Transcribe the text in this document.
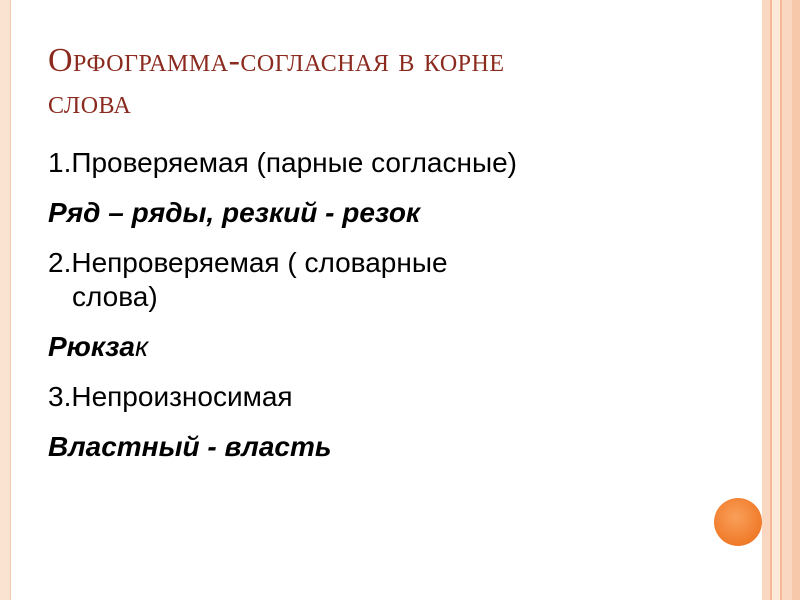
Орфограмма-согласная в корне
слова
1.Проверяемая (парные согласные)
Ряд – ряды, резкий - резок
2.Непроверяемая ( словарные
слова)
Рюкзак
3.Непроизносимая
Властный - власть
